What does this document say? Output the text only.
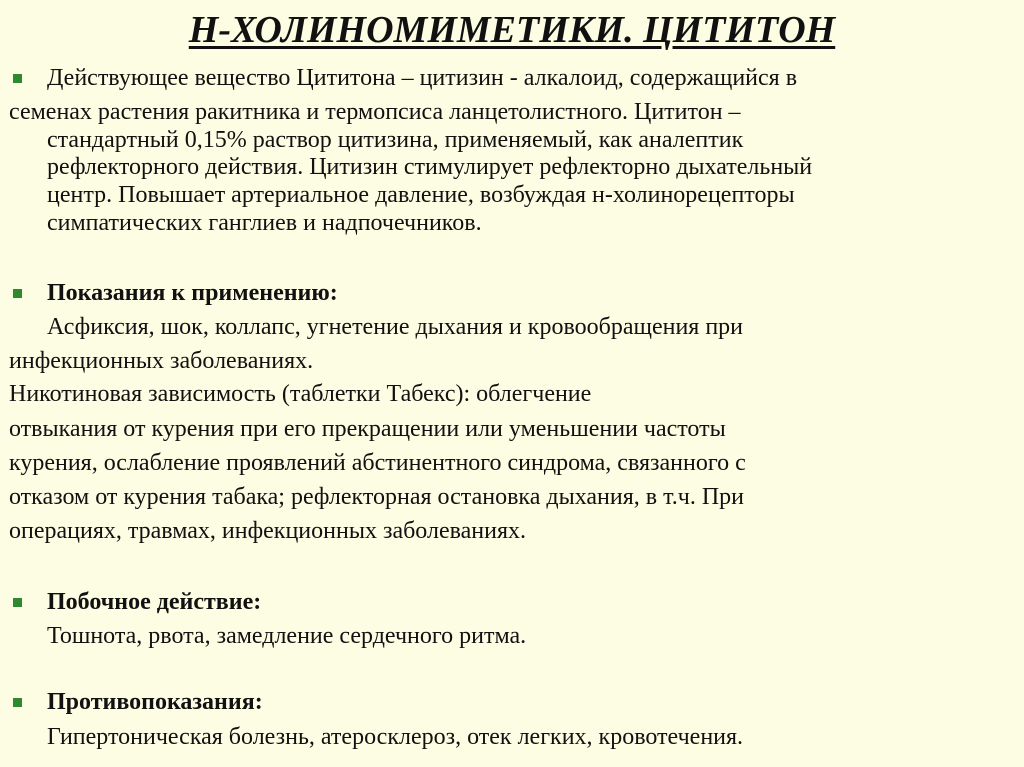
Н-ХОЛИНОМИМЕТИКИ. ЦИТИТОН
Действующее вещество Цититона – цитизин - алкалоид, содержащийся в
семенах растения ракитника и термопсиса ланцетолистного. Цититон –
стандартный 0,15% раствор цитизина, применяемый, как аналептик
рефлекторного действия. Цитизин стимулирует рефлекторно дыхательный
центр. Повышает артериальное давление, возбуждая н-холинорецепторы
симпатических ганглиев и надпочечников.
Показания к применению:
Асфиксия, шок, коллапс, угнетение дыхания и кровообращения при
инфекционных заболеваниях.
Никотиновая зависимость (таблетки Табекс): облегчение
отвыкания от курения при его прекращении или уменьшении частоты
курения, ослабление проявлений абстинентного синдрома, связанного с
отказом от курения табака; рефлекторная остановка дыхания, в т.ч. При
операциях, травмах, инфекционных заболеваниях.
Побочное действие:
Тошнота, рвота, замедление сердечного ритма.
Противопоказания:
Гипертоническая болезнь, атеросклероз, отек легких, кровотечения.
